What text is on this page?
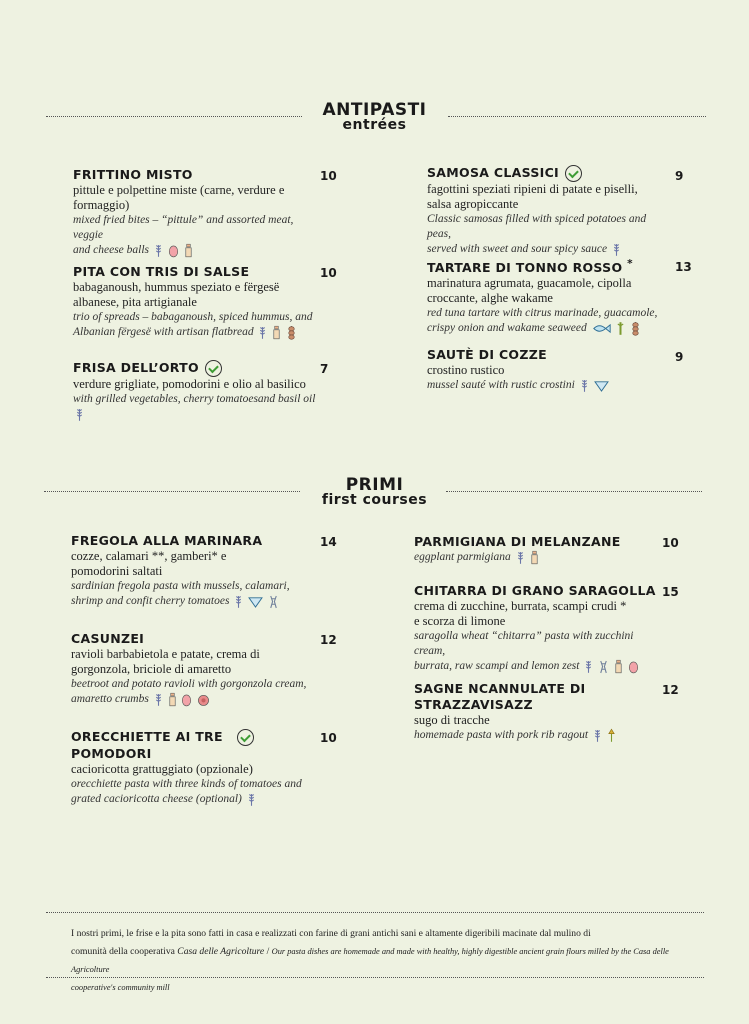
ANTIPASTI
entrées
FRITTINO MISTO
pittule e polpettine miste (carne, verdure e
formaggio)
mixed fried bites – “pittule” and assorted meat, veggie
and cheese balls
10
PITA CON TRIS DI SALSE
babaganoush, hummus speziato e fërgesë
albanese, pita artigianale
trio of spreads – babaganoush, spiced hummus, and
Albanian fërgesë with artisan flatbread
10
FRISA DELL’ORTO
verdure grigliate, pomodorini e olio al basilico
with grilled vegetables, cherry tomatoesand basil oil
7
SAMOSA CLASSICI
fagottini speziati ripieni di patate e piselli,
salsa agropiccante
Classic samosas filled with spiced potatoes and peas,
served with sweet and sour spicy sauce
9
TARTARE DI TONNO ROSSO *
marinatura agrumata, guacamole, cipolla
croccante, alghe wakame
red tuna tartare with citrus marinade, guacamole,
crispy onion and wakame seaweed
13
SAUTÈ DI COZZE
crostino rustico
mussel sauté with rustic crostini
9
PRIMI
first courses
FREGOLA ALLA MARINARA
cozze, calamari **, gamberi* e
pomodorini saltati
sardinian fregola pasta with mussels, calamari,
shrimp and confit cherry tomatoes
14
CASUNZEI
ravioli barbabietola e patate, crema di
gorgonzola, briciole di amaretto
beetroot and potato ravioli with gorgonzola cream,
amaretto crumbs
12
ORECCHIETTE AI TRE
POMODORI
cacioricotta grattuggiato (opzionale)
orecchiette pasta with three kinds of tomatoes and
grated cacioricotta cheese (optional)
10
PARMIGIANA DI MELANZANE
eggplant parmigiana
10
CHITARRA DI GRANO SARAGOLLA
crema di zucchine, burrata, scampi crudi *
e scorza di limone
saragolla wheat “chitarra” pasta with zucchini cream,
burrata, raw scampi and lemon zest
15
SAGNE NCANNULATE DI
STRAZZAVISAZZ
sugo di tracche
homemade pasta with pork rib ragout
12
I nostri primi, le frise e la pita sono fatti in casa e realizzati con farine di grani antichi sani e altamente digeribili macinate dal mulino di
comunità della cooperativa Casa delle Agricolture / Our pasta dishes are homemade and made with healthy, highly digestible ancient grain flours milled by the Casa delle Agricolture
cooperative's community mill
